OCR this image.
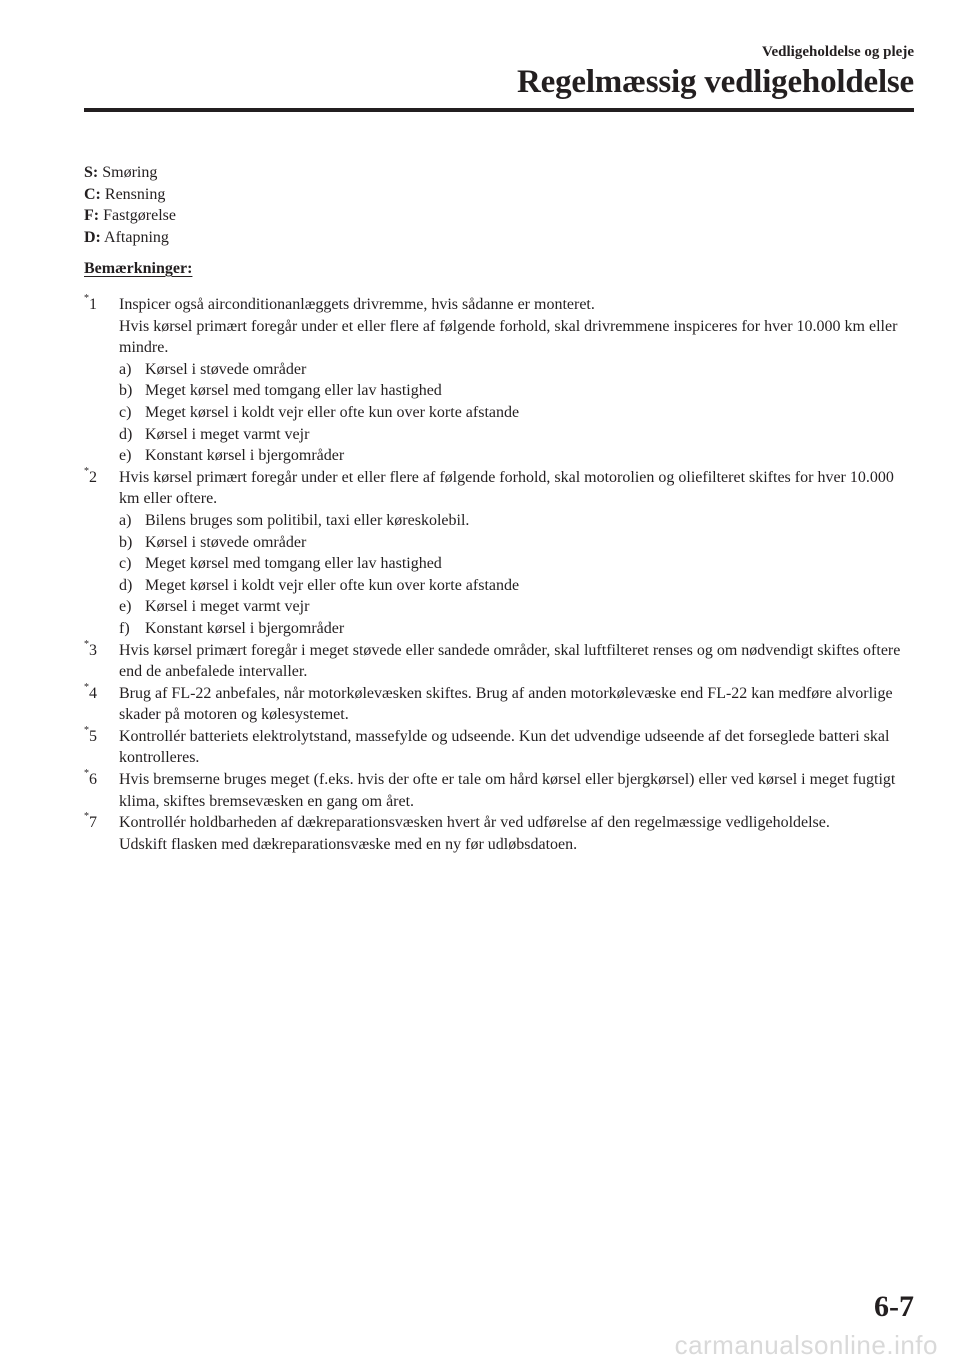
Vedligeholdelse og pleje
Regelmæssig vedligeholdelse
S: Smøring
C: Rensning
F: Fastgørelse
D: Aftapning
Bemærkninger:
*1 Inspicer også airconditionanlæggets drivremme, hvis sådanne er monteret.
Hvis kørsel primært foregår under et eller flere af følgende forhold, skal drivremmene inspiceres for hver 10.000 km eller mindre.
a) Kørsel i støvede områder
b) Meget kørsel med tomgang eller lav hastighed
c) Meget kørsel i koldt vejr eller ofte kun over korte afstande
d) Kørsel i meget varmt vejr
e) Konstant kørsel i bjergområder
*2 Hvis kørsel primært foregår under et eller flere af følgende forhold, skal motorolien og oliefilteret skiftes for hver 10.000 km eller oftere.
a) Bilens bruges som politibil, taxi eller køreskolebil.
b) Kørsel i støvede områder
c) Meget kørsel med tomgang eller lav hastighed
d) Meget kørsel i koldt vejr eller ofte kun over korte afstande
e) Kørsel i meget varmt vejr
f) Konstant kørsel i bjergområder
*3 Hvis kørsel primært foregår i meget støvede eller sandede områder, skal luftfilteret renses og om nødvendigt skiftes oftere end de anbefalede intervaller.
*4 Brug af FL-22 anbefales, når motorkølevæsken skiftes. Brug af anden motorkølevæske end FL-22 kan medføre alvorlige skader på motoren og kølesystemet.
*5 Kontrollér batteriets elektrolytstand, massefylde og udseende. Kun det udvendige udseende af det forseglede batteri skal kontrolleres.
*6 Hvis bremserne bruges meget (f.eks. hvis der ofte er tale om hård kørsel eller bjergkørsel) eller ved kørsel i meget fugtigt klima, skiftes bremsevæsken en gang om året.
*7 Kontrollér holdbarheden af dækreparationsvæsken hvert år ved udførelse af den regelmæssige vedligeholdelse.
Udskift flasken med dækreparationsvæske med en ny før udløbsdatoen.
6-7
carmanualsonline.info
